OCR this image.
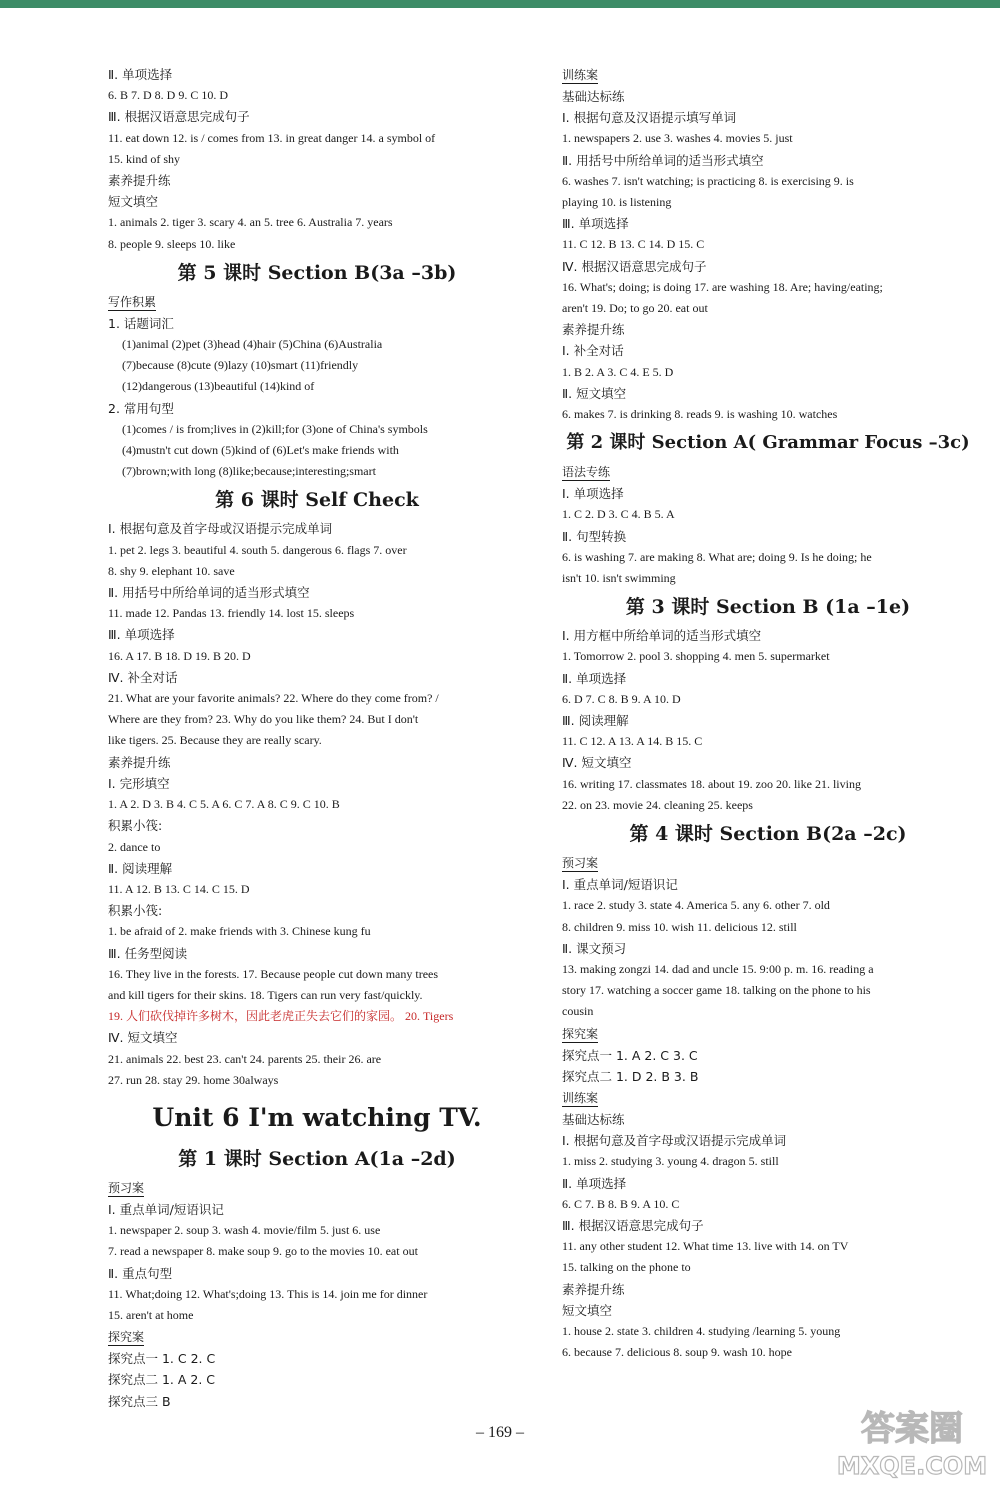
Ⅱ. 单项选择
6. B 7. D 8. D 9. C 10. D
Ⅲ. 根据汉语意思完成句子
11. eat down 12. is / comes from 13. in great danger 14. a symbol of
15. kind of shy
素养提升练
短文填空
1. animals 2. tiger 3. scary 4. an 5. tree 6. Australia 7. years
8. people 9. sleeps 10. like
第 5 课时 Section B(3a –3b)
写作积累
1. 话题词汇
(1)animal (2)pet (3)head (4)hair (5)China (6)Australia
(7)because (8)cute (9)lazy (10)smart (11)friendly
(12)dangerous (13)beautiful (14)kind of
2. 常用句型
(1)comes / is from;lives in (2)kill;for (3)one of China's symbols
(4)mustn't cut down (5)kind of (6)Let's make friends with
(7)brown;with long (8)like;because;interesting;smart
第 6 课时 Self Check
Ⅰ. 根据句意及首字母或汉语提示完成单词
1. pet 2. legs 3. beautiful 4. south 5. dangerous 6. flags 7. over
8. shy 9. elephant 10. save
Ⅱ. 用括号中所给单词的适当形式填空
11. made 12. Pandas 13. friendly 14. lost 15. sleeps
Ⅲ. 单项选择
16. A 17. B 18. D 19. B 20. D
Ⅳ. 补全对话
21. What are your favorite animals? 22. Where do they come from? /
Where are they from? 23. Why do you like them? 24. But I don't
like tigers. 25. Because they are really scary.
素养提升练
Ⅰ. 完形填空
1. A 2. D 3. B 4. C 5. A 6. C 7. A 8. C 9. C 10. B
积累小筏:
2. dance to
Ⅱ. 阅读理解
11. A 12. B 13. C 14. C 15. D
积累小筏:
1. be afraid of 2. make friends with 3. Chinese kung fu
Ⅲ. 任务型阅读
16. They live in the forests. 17. Because people cut down many trees
and kill tigers for their skins. 18. Tigers can run very fast/quickly.
19. 人们砍伐掉许多树木，因此老虎正失去它们的家园。 20. Tigers
Ⅳ. 短文填空
21. animals 22. best 23. can't 24. parents 25. their 26. are
27. run 28. stay 29. home 30always
Unit 6 I'm watching TV.
第 1 课时 Section A(1a –2d)
预习案
Ⅰ. 重点单词/短语识记
1. newspaper 2. soup 3. wash 4. movie/film 5. just 6. use
7. read a newspaper 8. make soup 9. go to the movies 10. eat out
Ⅱ. 重点句型
11. What;doing 12. What's;doing 13. This is 14. join me for dinner
15. aren't at home
探究案
探究点一 1. C 2. C
探究点二 1. A 2. C
探究点三 B
训练案
基础达标练
Ⅰ. 根据句意及汉语提示填写单词
1. newspapers 2. use 3. washes 4. movies 5. just
Ⅱ. 用括号中所给单词的适当形式填空
6. washes 7. isn't watching; is practicing 8. is exercising 9. is
playing 10. is listening
Ⅲ. 单项选择
11. C 12. B 13. C 14. D 15. C
Ⅳ. 根据汉语意思完成句子
16. What's; doing; is doing 17. are washing 18. Are; having/eating;
aren't 19. Do; to go 20. eat out
素养提升练
Ⅰ. 补全对话
1. B 2. A 3. C 4. E 5. D
Ⅱ. 短文填空
6. makes 7. is drinking 8. reads 9. is washing 10. watches
第 2 课时 Section A( Grammar Focus –3c)
语法专练
Ⅰ. 单项选择
1. C 2. D 3. C 4. B 5. A
Ⅱ. 句型转换
6. is washing 7. are making 8. What are; doing 9. Is he doing; he
isn't 10. isn't swimming
第 3 课时 Section B (1a –1e)
Ⅰ. 用方框中所给单词的适当形式填空
1. Tomorrow 2. pool 3. shopping 4. men 5. supermarket
Ⅱ. 单项选择
6. D 7. C 8. B 9. A 10. D
Ⅲ. 阅读理解
11. C 12. A 13. A 14. B 15. C
Ⅳ. 短文填空
16. writing 17. classmates 18. about 19. zoo 20. like 21. living
22. on 23. movie 24. cleaning 25. keeps
第 4 课时 Section B(2a –2c)
预习案
Ⅰ. 重点单词/短语识记
1. race 2. study 3. state 4. America 5. any 6. other 7. old
8. children 9. miss 10. wish 11. delicious 12. still
Ⅱ. 课文预习
13. making zongzi 14. dad and uncle 15. 9:00 p. m. 16. reading a
story 17. watching a soccer game 18. talking on the phone to his
cousin
探究案
探究点一 1. A 2. C 3. C
探究点二 1. D 2. B 3. B
训练案
基础达标练
Ⅰ. 根据句意及首字母或汉语提示完成单词
1. miss 2. studying 3. young 4. dragon 5. still
Ⅱ. 单项选择
6. C 7. B 8. B 9. A 10. C
Ⅲ. 根据汉语意思完成句子
11. any other student 12. What time 13. live with 14. on TV
15. talking on the phone to
素养提升练
短文填空
1. house 2. state 3. children 4. studying /learning 5. young
6. because 7. delicious 8. soup 9. wash 10. hope
– 169 –	答案圈
MXQE.COM
